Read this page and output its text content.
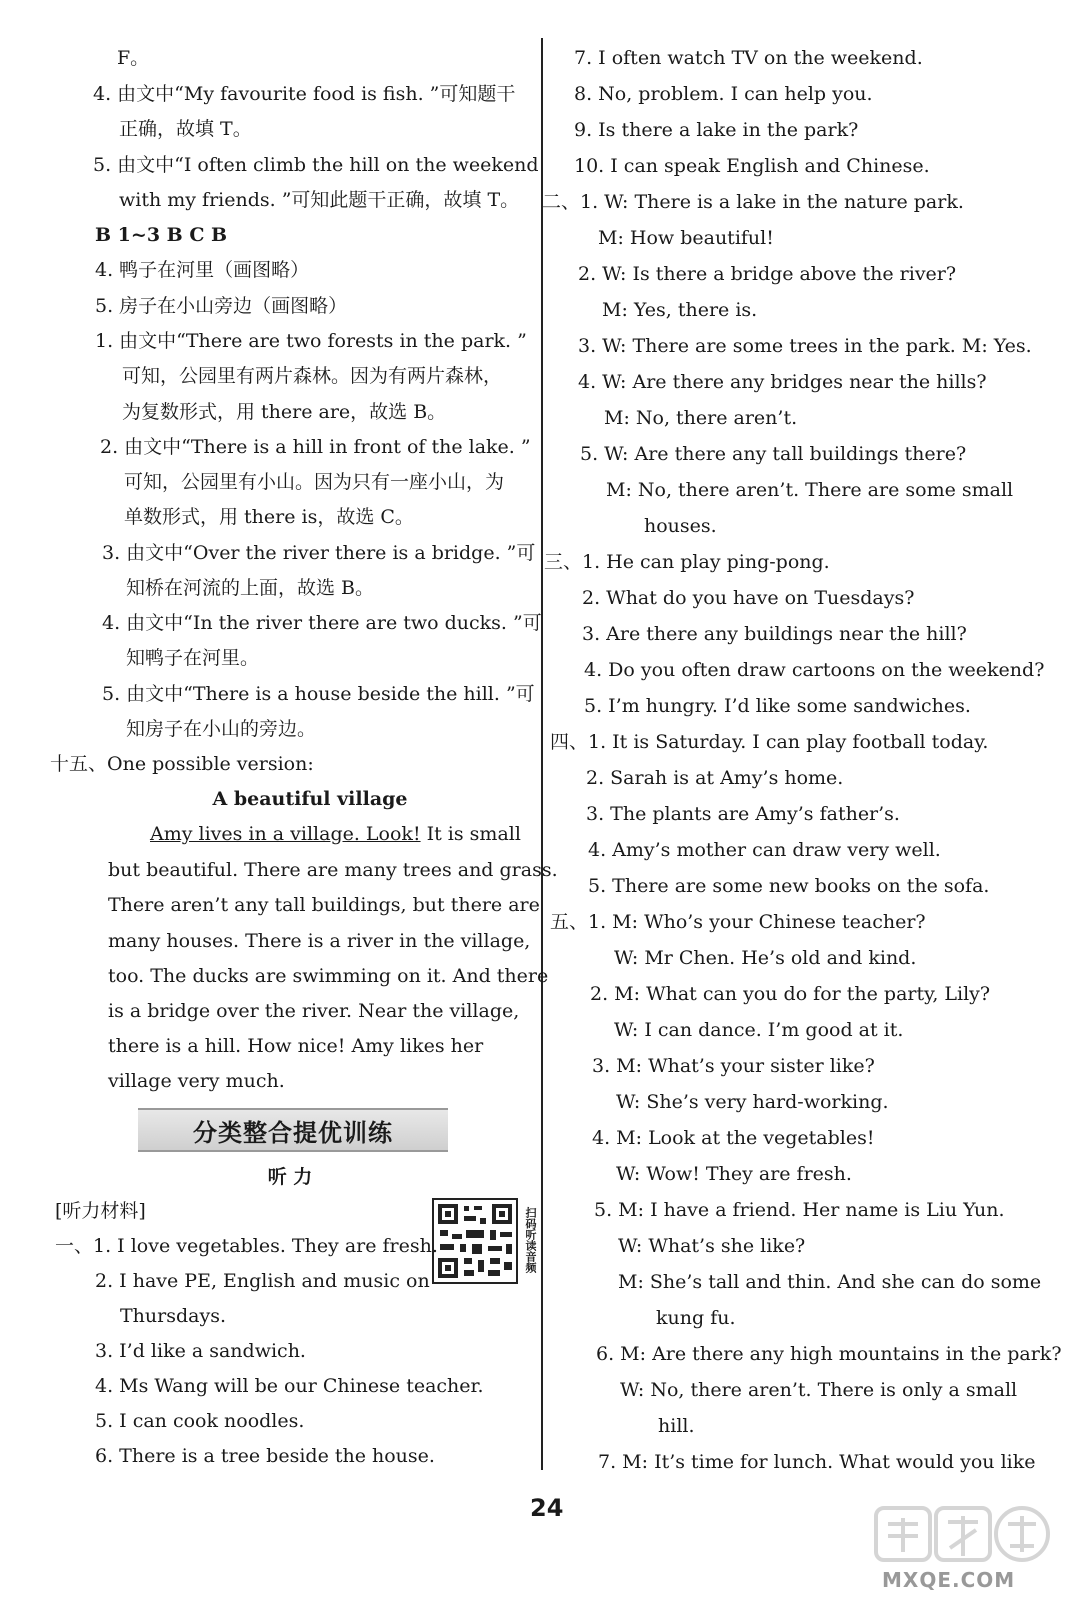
F。
4. 由文中“My favourite food is fish. ”可知题干
正确，故填 T。
5. 由文中“I often climb the hill on the weekend
with my friends. ”可知此题干正确，故填 T。
B 1~3 B C B
4. 鸭子在河里（画图略）
5. 房子在小山旁边（画图略）
1. 由文中“There are two forests in the park. ”
可知，公园里有两片森林。因为有两片森林，
为复数形式，用 there are，故选 B。
2. 由文中“There is a hill in front of the lake. ”
可知，公园里有小山。因为只有一座小山，为
单数形式，用 there is，故选 C。
3. 由文中“Over the river there is a bridge. ”可
知桥在河流的上面，故选 B。
4. 由文中“In the river there are two ducks. ”可
知鸭子在河里。
5. 由文中“There is a house beside the hill. ”可
知房子在小山的旁边。
十五、One possible version:
A beautiful village
Amy lives in a village. Look! It is small
but beautiful. There are many trees and grass.
There aren’t any tall buildings, but there are
many houses. There is a river in the village,
too. The ducks are swimming on it. And there
is a bridge over the river. Near the village,
there is a hill. How nice! Amy likes her
village very much.
分类整合提优训练
听 力
[听力材料]	扫码听读音频
一、1. I love vegetables. They are fresh.
2. I have PE, English and music on
Thursdays.
3. I’d like a sandwich.
4. Ms Wang will be our Chinese teacher.
5. I can cook noodles.
6. There is a tree beside the house.
7. I often watch TV on the weekend.
8. No, problem. I can help you.
9. Is there a lake in the park?
10. I can speak English and Chinese.
二、1. W: There is a lake in the nature park.
M: How beautiful!
2. W: Is there a bridge above the river?
M: Yes, there is.
3. W: There are some trees in the park. M: Yes.
4. W: Are there any bridges near the hills?
M: No, there aren’t.
5. W: Are there any tall buildings there?
M: No, there aren’t. There are some small
houses.
三、1. He can play ping-pong.
2. What do you have on Tuesdays?
3. Are there any buildings near the hill?
4. Do you often draw cartoons on the weekend?
5. I’m hungry. I’d like some sandwiches.
四、1. It is Saturday. I can play football today.
2. Sarah is at Amy’s home.
3. The plants are Amy’s father’s.
4. Amy’s mother can draw very well.
5. There are some new books on the sofa.
五、1. M: Who’s your Chinese teacher?
W: Mr Chen. He’s old and kind.
2. M: What can you do for the party, Lily?
W: I can dance. I’m good at it.
3. M: What’s your sister like?
W: She’s very hard-working.
4. M: Look at the vegetables!
W: Wow! They are fresh.
5. M: I have a friend. Her name is Liu Yun.
W: What’s she like?
M: She’s tall and thin. And she can do some
kung fu.
6. M: Are there any high mountains in the park?
W: No, there aren’t. There is only a small
hill.
7. M: It’s time for lunch. What would you like
24
MXQE.COM
